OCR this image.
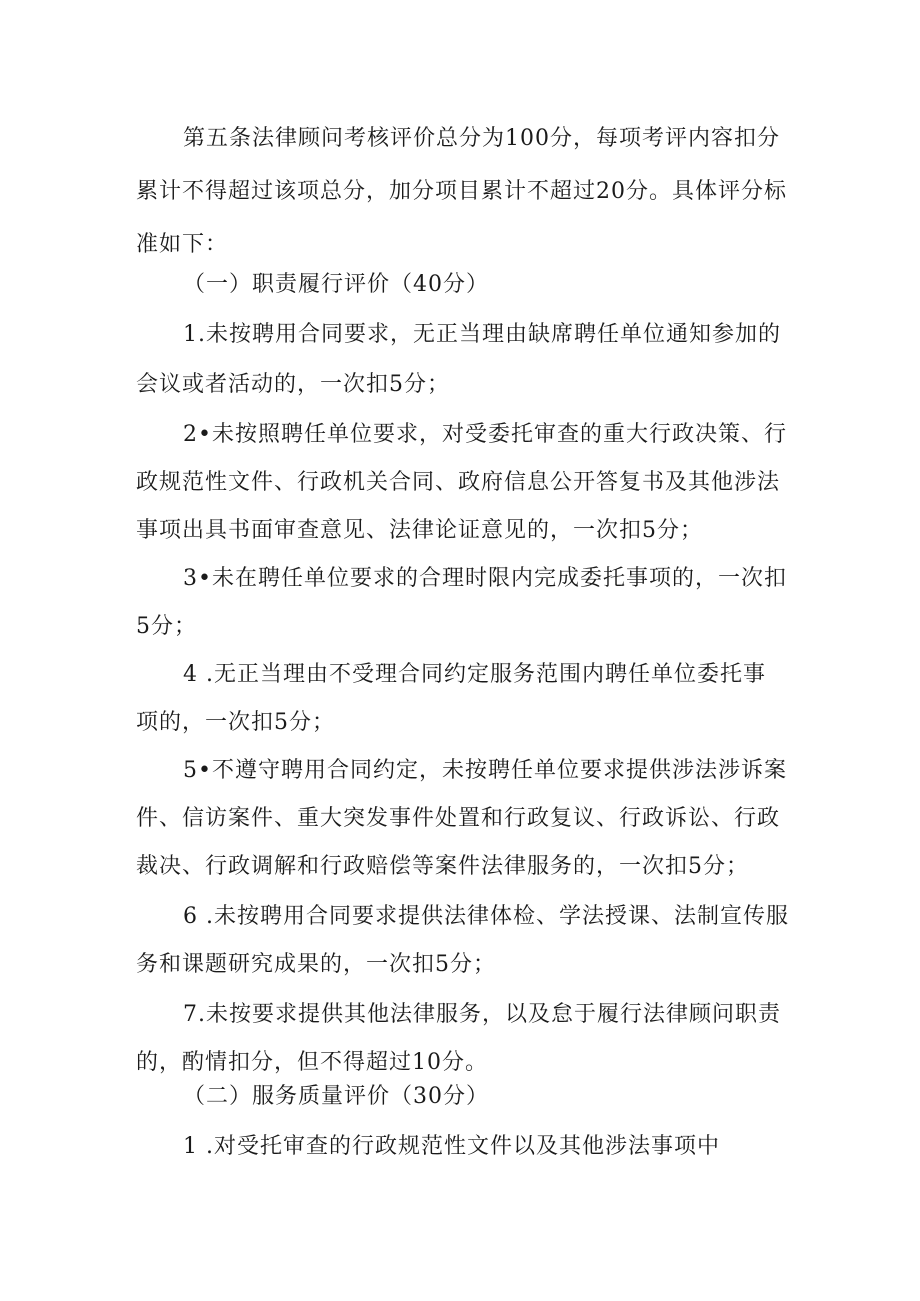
第五条法律顾问考核评价总分为100分，每项考评内容扣分

累计不得超过该项总分，加分项目累计不超过20分。具体评分标

准如下：

（一）职责履行评价（40分）

1.未按聘用合同要求，无正当理由缺席聘任单位通知参加的

会议或者活动的，一次扣5分；

2•未按照聘任单位要求，对受委托审查的重大行政决策、行

政规范性文件、行政机关合同、政府信息公开答复书及其他涉法

事项出具书面审查意见、法律论证意见的，一次扣5分；

3•未在聘任单位要求的合理时限内完成委托事项的，一次扣

5分；

4 .无正当理由不受理合同约定服务范围内聘任单位委托事

项的，一次扣5分；

5•不遵守聘用合同约定，未按聘任单位要求提供涉法涉诉案

件、信访案件、重大突发事件处置和行政复议、行政诉讼、行政

裁决、行政调解和行政赔偿等案件法律服务的，一次扣5分；

6 .未按聘用合同要求提供法律体检、学法授课、法制宣传服

务和课题研究成果的，一次扣5分；

7.未按要求提供其他法律服务，以及怠于履行法律顾问职责

的，酌情扣分，但不得超过10分。

（二）服务质量评价（30分）

1 .对受托审查的行政规范性文件以及其他涉法事项中
